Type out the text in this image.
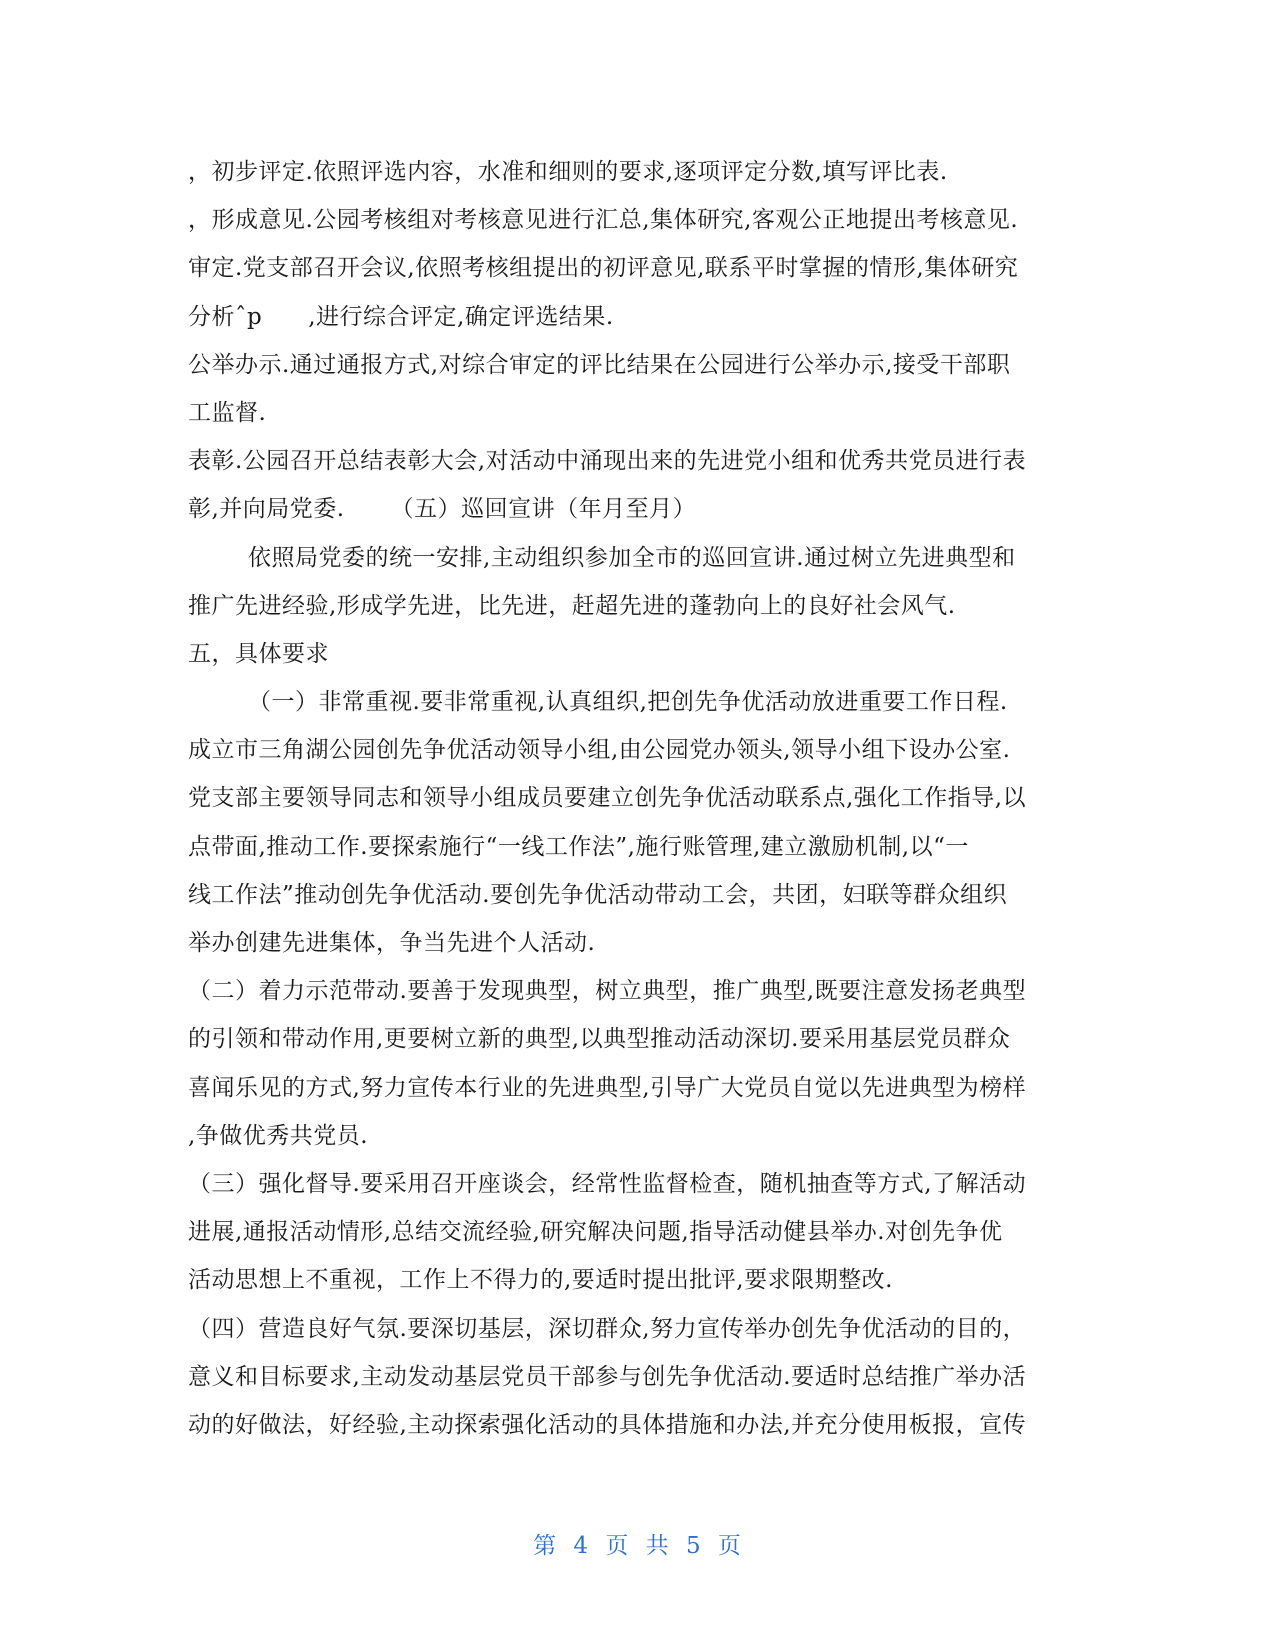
，初步评定.依照评选内容，水准和细则的要求,逐项评定分数,填写评比表.
，形成意见.公园考核组对考核意见进行汇总,集体研究,客观公正地提出考核意见.
审定.党支部召开会议,依照考核组提出的初评意见,联系平时掌握的情形,集体研究
分析ˆp ,进行综合评定,确定评选结果.
公举办示.通过通报方式,对综合审定的评比结果在公园进行公举办示,接受干部职
工监督.
表彰.公园召开总结表彰大会,对活动中涌现出来的先进党小组和优秀共党员进行表
彰,并向局党委. （五）巡回宣讲（年月至月）
依照局党委的统一安排,主动组织参加全市的巡回宣讲.通过树立先进典型和
推广先进经验,形成学先进，比先进，赶超先进的蓬勃向上的良好社会风气.
五，具体要求
（一）非常重视.要非常重视,认真组织,把创先争优活动放进重要工作日程.
成立市三角湖公园创先争优活动领导小组,由公园党办领头,领导小组下设办公室.
党支部主要领导同志和领导小组成员要建立创先争优活动联系点,强化工作指导,以
点带面,推动工作.要探索施行“一线工作法”,施行账管理,建立激励机制,以“一
线工作法”推动创先争优活动.要创先争优活动带动工会，共团，妇联等群众组织
举办创建先进集体，争当先进个人活动.
（二）着力示范带动.要善于发现典型，树立典型，推广典型,既要注意发扬老典型
的引领和带动作用,更要树立新的典型,以典型推动活动深切.要采用基层党员群众
喜闻乐见的方式,努力宣传本行业的先进典型,引导广大党员自觉以先进典型为榜样
,争做优秀共党员.
（三）强化督导.要采用召开座谈会，经常性监督检查，随机抽查等方式,了解活动
进展,通报活动情形,总结交流经验,研究解决问题,指导活动健县举办.对创先争优
活动思想上不重视，工作上不得力的,要适时提出批评,要求限期整改.
（四）营造良好气氛.要深切基层，深切群众,努力宣传举办创先争优活动的目的，
意义和目标要求,主动发动基层党员干部参与创先争优活动.要适时总结推广举办活
动的好做法，好经验,主动探索强化活动的具体措施和办法,并充分使用板报，宣传
第 4 页 共 5 页
